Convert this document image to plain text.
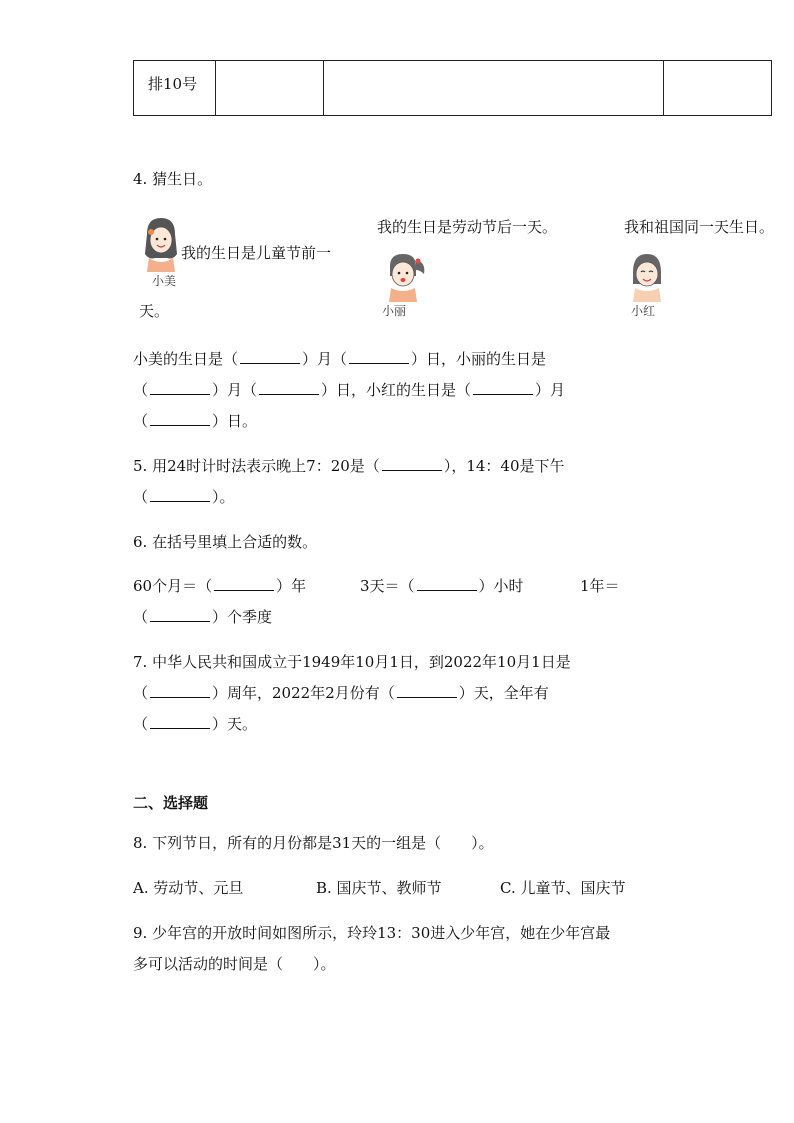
排10号
4. 猜生日。
我的生日是儿童节前一
小美
天。
我的生日是劳动节后一天。
小丽
我和祖国同一天生日。
小红
小美的生日是（	）月（	）日，小丽的生日是
（	）月（	）日，小红的生日是（	）月
（	）日。
5. 用24时计时法表示晚上7：20是（	），14：40是下午
（	）。
6. 在括号里填上合适的数。
60个月＝（	）年	3天＝（	）小时	1年＝
（	）个季度
7. 中华人民共和国成立于1949年10月1日，到2022年10月1日是
（	）周年，2022年2月份有（	）天，全年有
（	）天。
二、选择题
8. 下列节日，所有的月份都是31天的一组是（　　）。
A. 劳动节、元旦	B. 国庆节、教师节	C. 儿童节、国庆节
9. 少年宫的开放时间如图所示，玲玲13：30进入少年宫，她在少年宫最
多可以活动的时间是（　　）。
